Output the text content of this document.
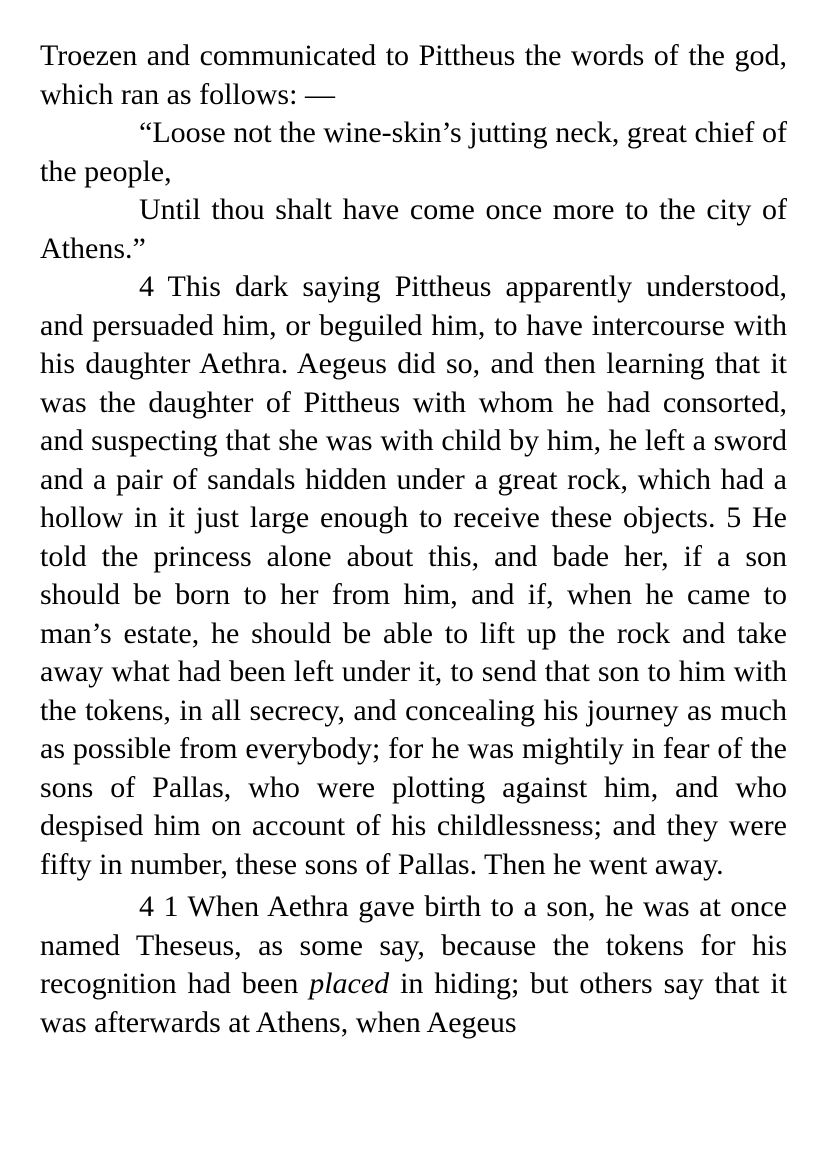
Troezen and communicated to Pittheus the words of the god, which ran as follows: —

“Loose not the wine-skin’s jutting neck, great chief of the people,

Until thou shalt have come once more to the city of Athens.”

4 This dark saying Pittheus apparently understood, and persuaded him, or beguiled him, to have intercourse with his daughter Aethra. Aegeus did so, and then learning that it was the daughter of Pittheus with whom he had consorted, and suspecting that she was with child by him, he left a sword and a pair of sandals hidden under a great rock, which had a hollow in it just large enough to receive these objects. 5 He told the princess alone about this, and bade her, if a son should be born to her from him, and if, when he came to man’s estate, he should be able to lift up the rock and take away what had been left under it, to send that son to him with the tokens, in all secrecy, and concealing his journey as much as possible from everybody; for he was mightily in fear of the sons of Pallas, who were plotting against him, and who despised him on account of his childlessness; and they were fifty in number, these sons of Pallas. Then he went away.

4 1 When Aethra gave birth to a son, he was at once named Theseus, as some say, because the tokens for his recognition had been placed in hiding; but others say that it was afterwards at Athens, when Aegeus
